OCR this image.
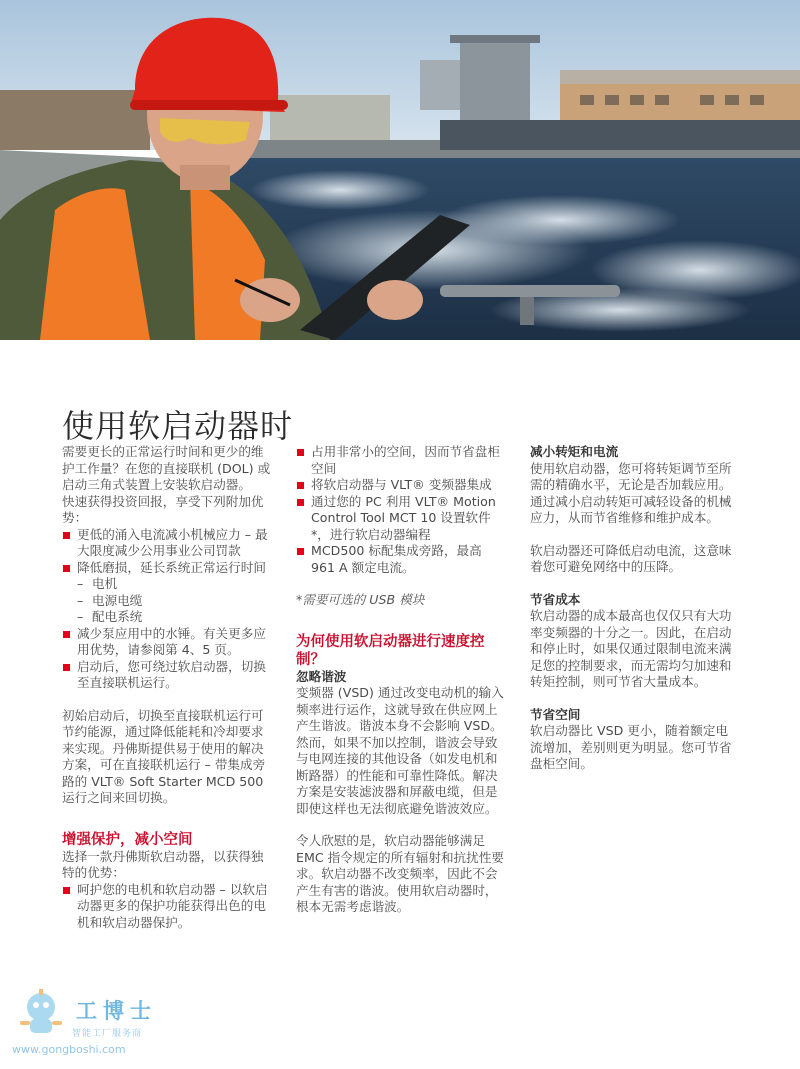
使用软启动器时

需要更长的正常运行时间和更少的维护工作量？在您的直接联机 (DOL) 或启动三角式装置上安装软启动器。

快速获得投资回报，享受下列附加优势：

更低的涌入电流减小机械应力 – 最大限度减少公用事业公司罚款
降低磨损，延长系统正常运行时间
– 电机
– 电源电缆
– 配电系统
减少泵应用中的水锤。有关更多应用优势，请参阅第 4、5 页。
启动后，您可绕过软启动器，切换至直接联机运行。

初始启动后，切换至直接联机运行可节约能源，通过降低能耗和冷却要求来实现。丹佛斯提供易于使用的解决方案，可在直接联机运行 – 带集成旁路的 VLT® Soft Starter MCD 500 运行之间来回切换。

增强保护，减小空间

选择一款丹佛斯软启动器，以获得独特的优势：

呵护您的电机和软启动器 – 以软启动器更多的保护功能获得出色的电机和软启动器保护。
占用非常小的空间，因而节省盘柜空间
将软启动器与 VLT® 变频器集成
通过您的 PC 利用 VLT® Motion Control Tool MCT 10 设置软件*，进行软启动器编程
MCD500 标配集成旁路，最高 961 A 额定电流。

*需要可选的 USB 模块

为何使用软启动器进行速度控制？

忽略谐波

变频器 (VSD) 通过改变电动机的输入频率进行运作，这就导致在供应网上产生谐波。谐波本身不会影响 VSD。然而，如果不加以控制，谐波会导致与电网连接的其他设备（如发电机和断路器）的性能和可靠性降低。解决方案是安装滤波器和屏蔽电缆，但是即使这样也无法彻底避免谐波效应。

令人欣慰的是，软启动器能够满足 EMC 指令规定的所有辐射和抗扰性要求。软启动器不改变频率，因此不会产生有害的谐波。使用软启动器时，根本无需考虑谐波。

减小转矩和电流

使用软启动器，您可将转矩调节至所需的精确水平，无论是否加载应用。通过减小启动转矩可减轻设备的机械应力，从而节省维修和维护成本。

软启动器还可降低启动电流，这意味着您可避免网络中的压降。

节省成本

软启动器的成本最高也仅仅只有大功率变频器的十分之一。因此，在启动和停止时，如果仅通过限制电流来满足您的控制要求，而无需均匀加速和转矩控制，则可节省大量成本。

节省空间

软启动器比 VSD 更小，随着额定电流增加，差别则更为明显。您可节省盘柜空间。

工博士
智能工厂服务商
www.gongboshi.com
